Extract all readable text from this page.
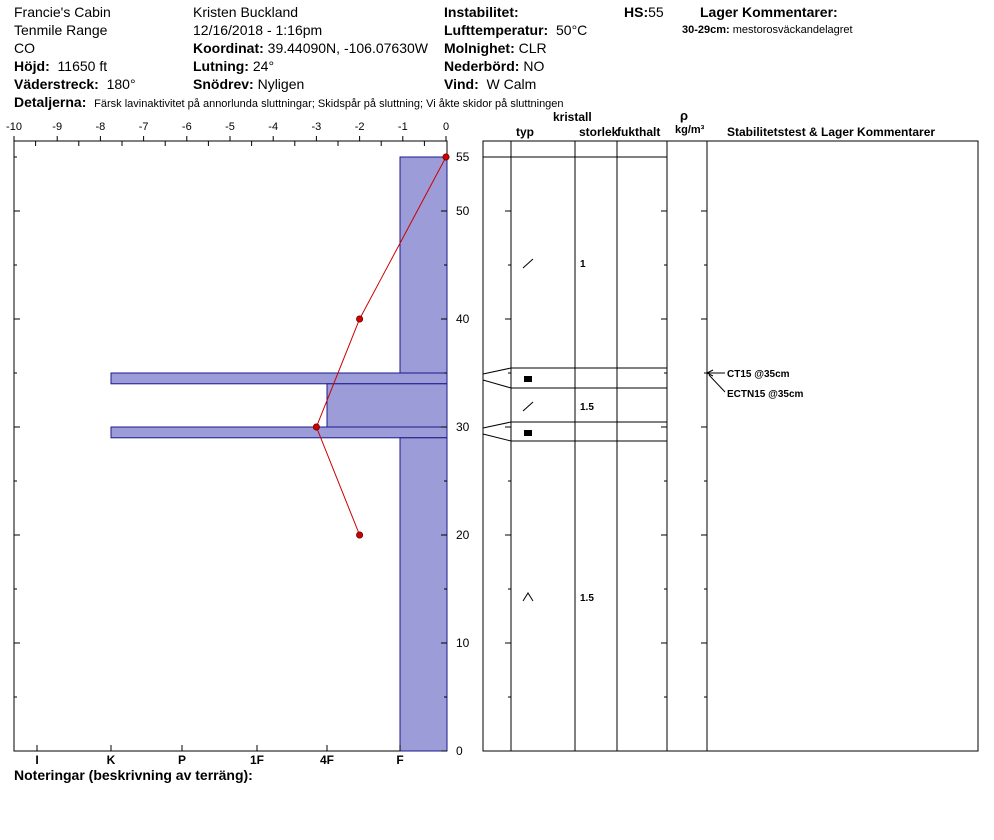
Francie's Cabin
Tenmile Range
CO
Höjd: 11650 ft
Väderstreck: 180°
Kristen Buckland
12/16/2018 - 1:16pm
Koordinat: 39.44090N, -106.07630W
Lutning: 24°
Snödrev: Nyligen
Instabilitet:
Lufttemperatur: 50°C
Molnighet: CLR
Nederbörd: NO
Vind: W Calm
HS:55	Lager Kommentarer:
30-29cm: mestorosväckandelagret
Detaljerna: Färsk lavinaktivitet på annorlunda sluttningar; Skidspår på sluttning; Vi åkte skidor på sluttningen
typ
kristall
storlek
fukthalt
ρ
kg/m³ Stabilitetstest & Lager Kommentarer
Noteringar (beskrivning av terräng):
-10	-9	-8	-7	-6	-5	-4	-3	-2	-1	0
55
50
40
30
20
10
0
I	K	P	1F	4F	F
1
1.5
1.5
CT15 @35cm
ECTN15 @35cm
